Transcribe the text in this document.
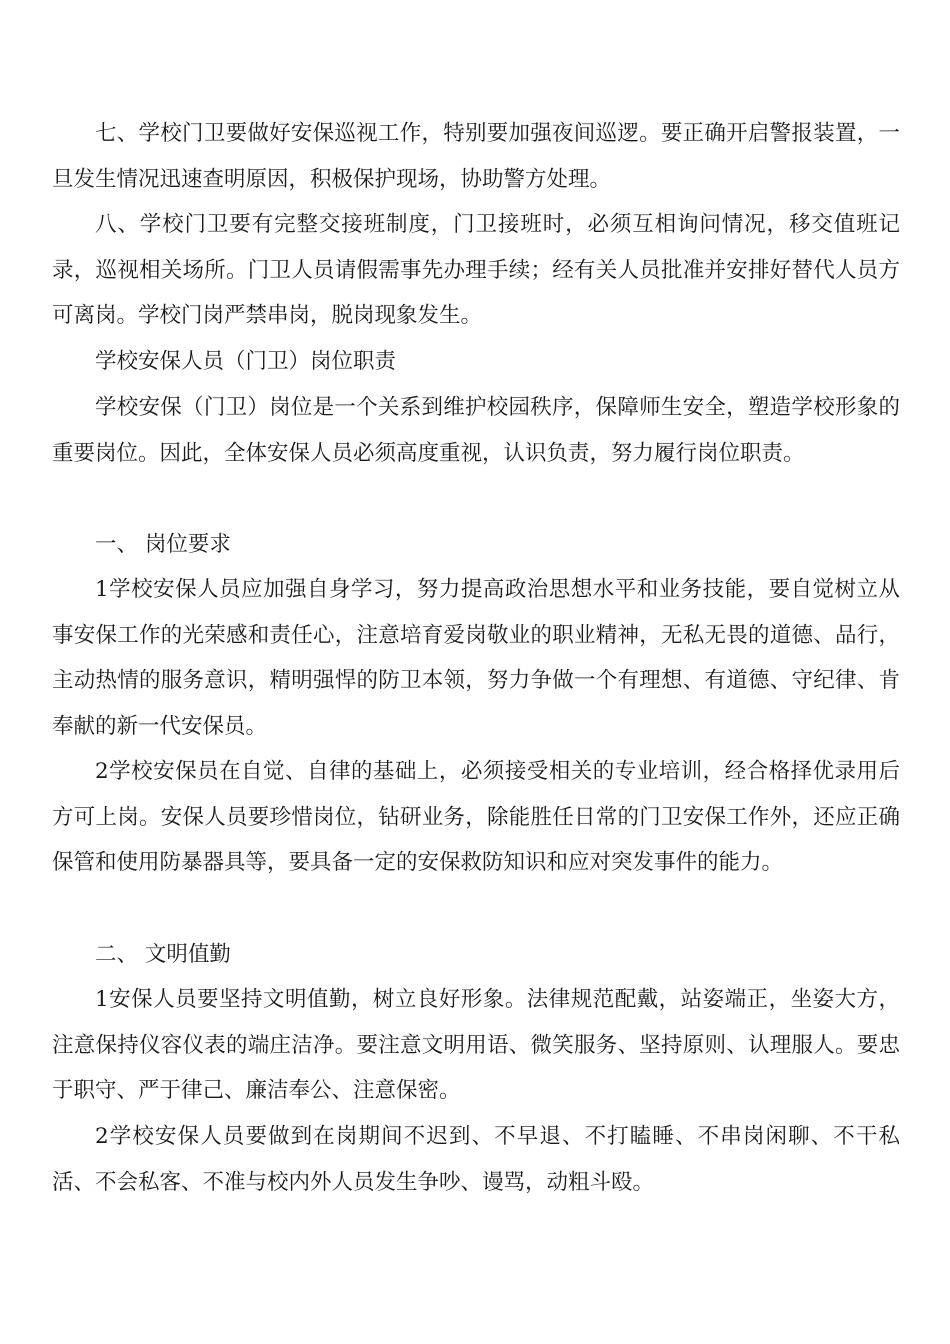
七、学校门卫要做好安保巡视工作，特别要加强夜间巡逻。要正确开启警报装置，一旦发生情况迅速查明原因，积极保护现场，协助警方处理。

八、学校门卫要有完整交接班制度，门卫接班时，必须互相询问情况，移交值班记录，巡视相关场所。门卫人员请假需事先办理手续；经有关人员批准并安排好替代人员方可离岗。学校门岗严禁串岗，脱岗现象发生。

学校安保人员（门卫）岗位职责

学校安保（门卫）岗位是一个关系到维护校园秩序，保障师生安全，塑造学校形象的重要岗位。因此，全体安保人员必须高度重视，认识负责，努力履行岗位职责。

一、 岗位要求

1学校安保人员应加强自身学习，努力提高政治思想水平和业务技能，要自觉树立从事安保工作的光荣感和责任心，注意培育爱岗敬业的职业精神，无私无畏的道德、品行，主动热情的服务意识，精明强悍的防卫本领，努力争做一个有理想、有道德、守纪律、肯奉献的新一代安保员。

2学校安保员在自觉、自律的基础上，必须接受相关的专业培训，经合格择优录用后方可上岗。安保人员要珍惜岗位，钻研业务，除能胜任日常的门卫安保工作外，还应正确保管和使用防暴器具等，要具备一定的安保救防知识和应对突发事件的能力。

二、 文明值勤

1安保人员要坚持文明值勤，树立良好形象。法律规范配戴，站姿端正，坐姿大方，注意保持仪容仪表的端庄洁净。要注意文明用语、微笑服务、坚持原则、认理服人。要忠于职守、严于律己、廉洁奉公、注意保密。

2学校安保人员要做到在岗期间不迟到、不早退、不打瞌睡、不串岗闲聊、不干私活、不会私客、不准与校内外人员发生争吵、谩骂，动粗斗殴。
